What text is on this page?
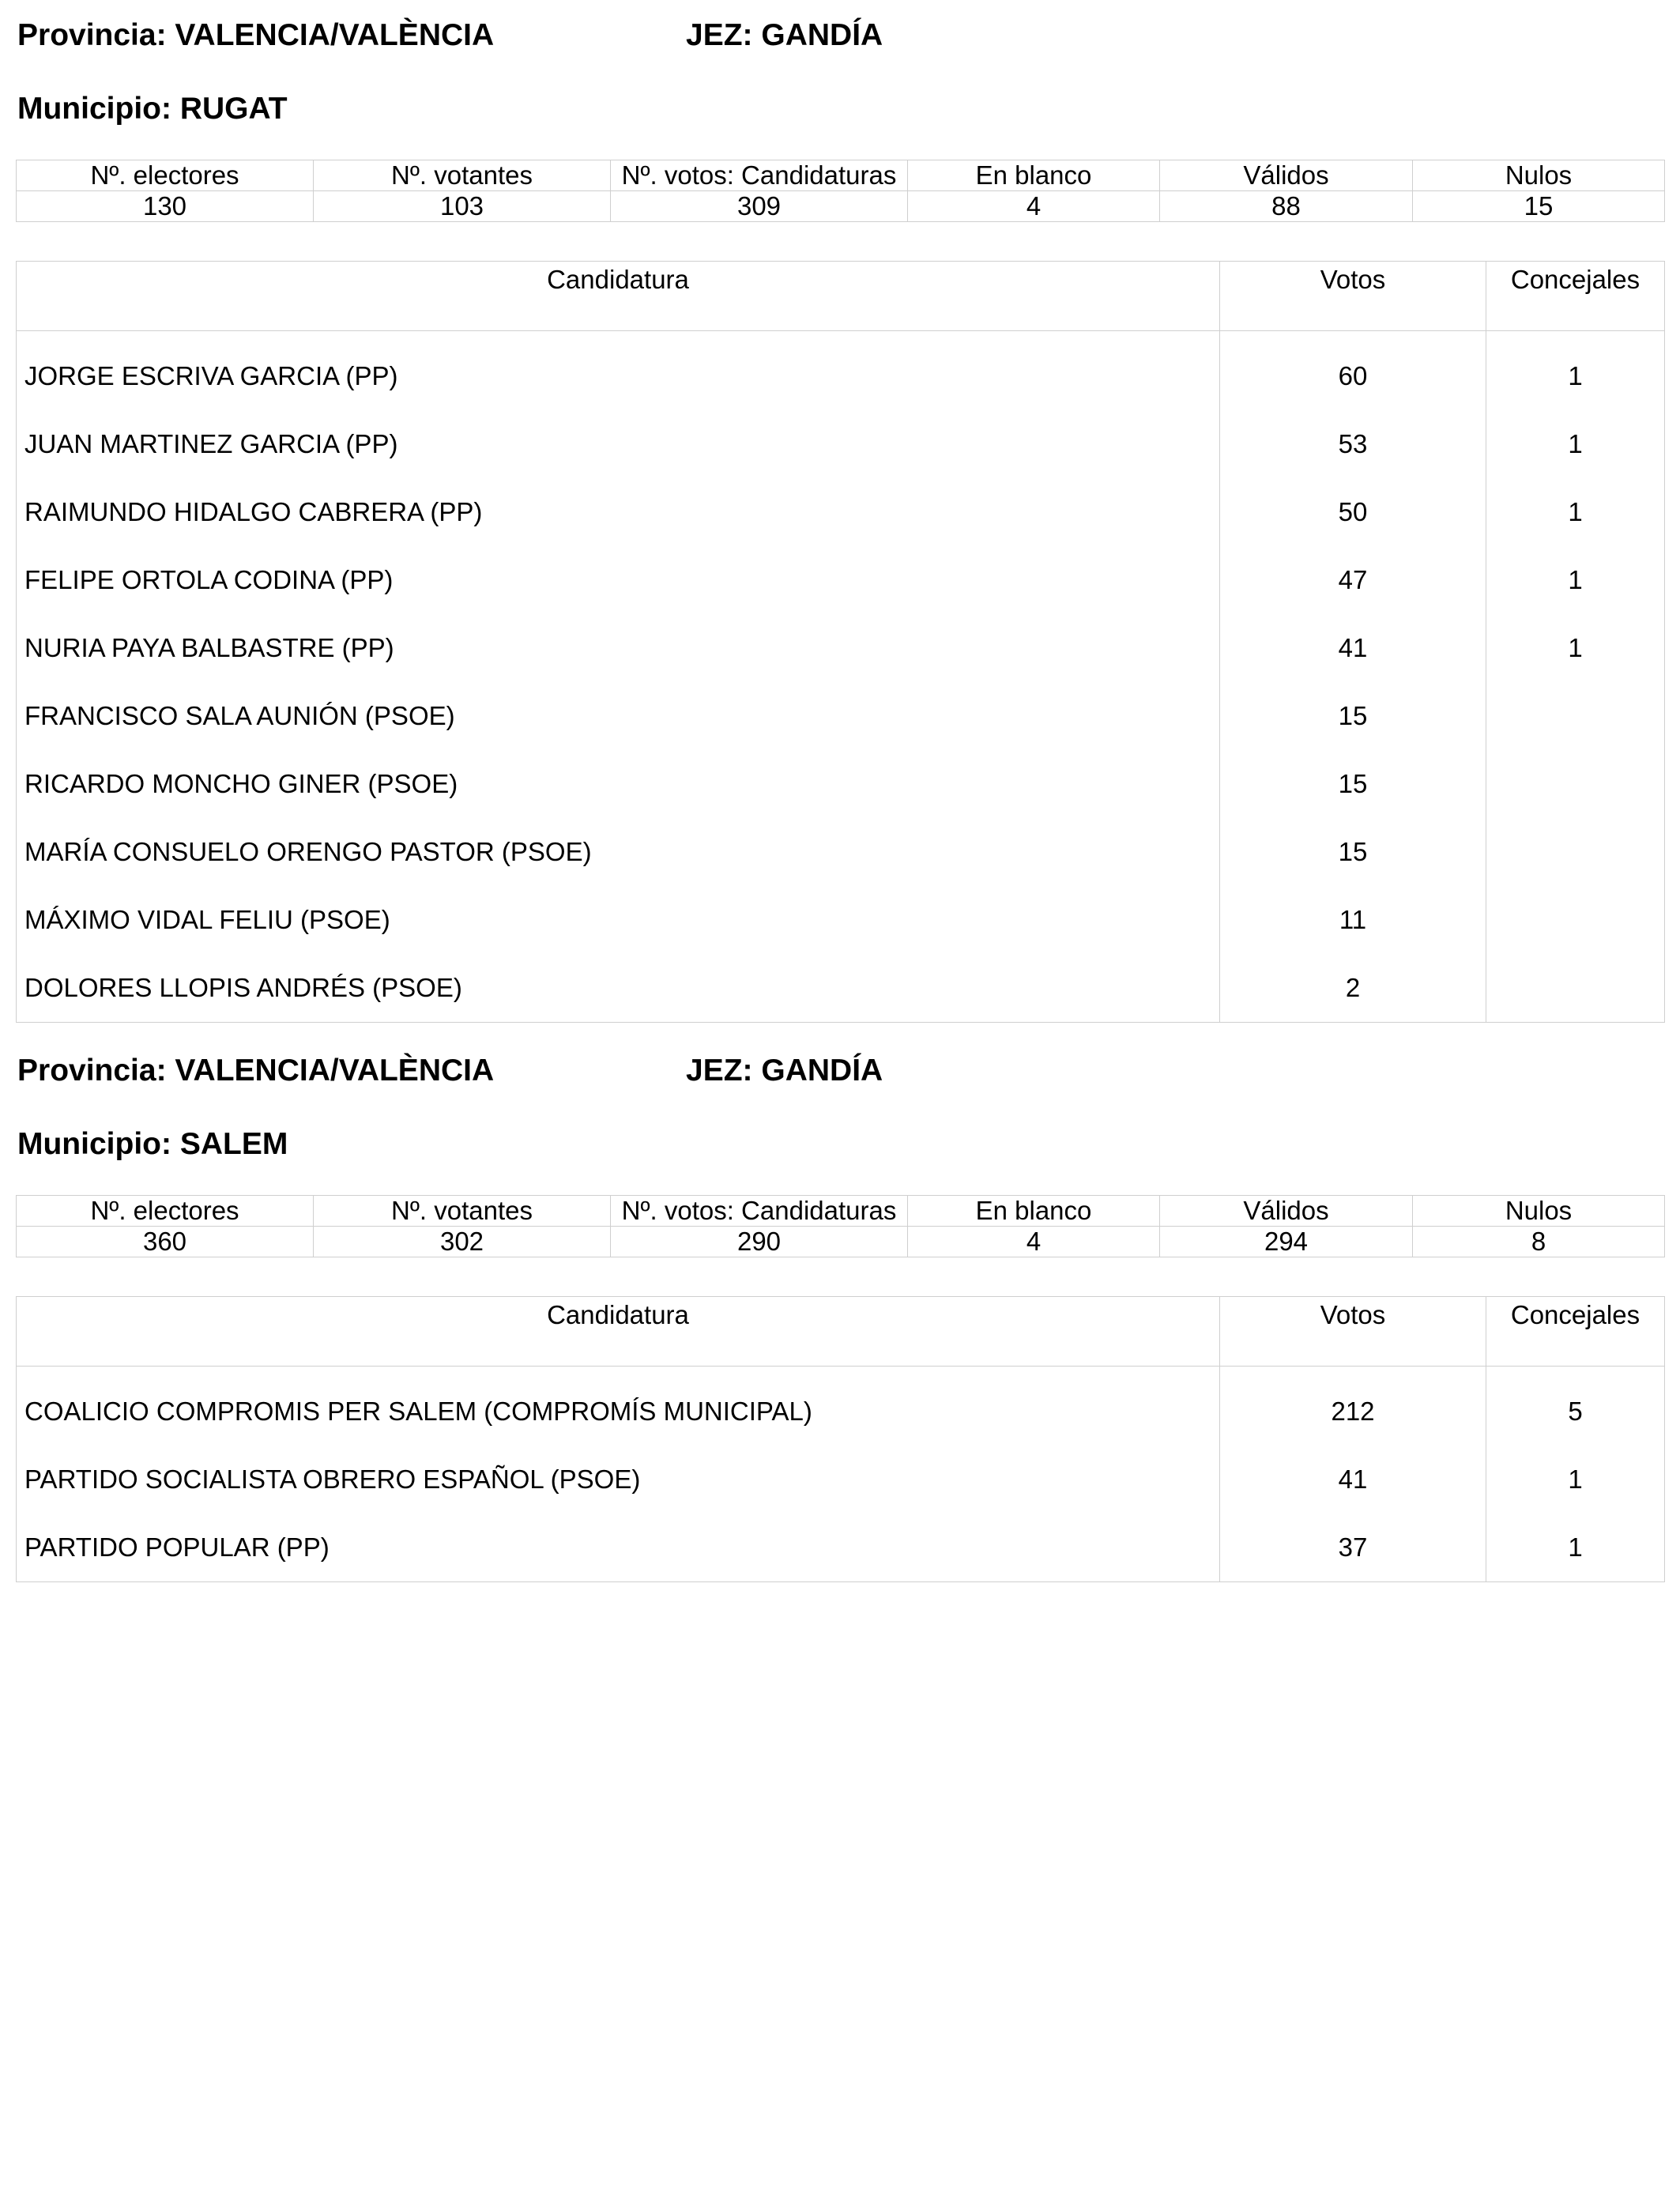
Provincia: VALENCIA/VALÈNCIA	JEZ: GANDÍA
Municipio: RUGAT
Nº. electores	Nº. votantes	Nº. votos: Candidaturas	En blanco	Válidos	Nulos
130	103	309	4	88	15
Candidatura	Votos	Concejales
JORGE ESCRIVA GARCIA (PP)	60	1
JUAN MARTINEZ GARCIA (PP)	53	1
RAIMUNDO HIDALGO CABRERA (PP)	50	1
FELIPE ORTOLA CODINA (PP)	47	1
NURIA PAYA BALBASTRE (PP)	41	1
FRANCISCO SALA AUNIÓN (PSOE)	15	
RICARDO MONCHO GINER (PSOE)	15	
MARÍA CONSUELO ORENGO PASTOR (PSOE)	15	
MÁXIMO VIDAL FELIU (PSOE)	11	
DOLORES LLOPIS ANDRÉS (PSOE)	2	
Provincia: VALENCIA/VALÈNCIA	JEZ: GANDÍA
Municipio: SALEM
Nº. electores	Nº. votantes	Nº. votos: Candidaturas	En blanco	Válidos	Nulos
360	302	290	4	294	8
Candidatura	Votos	Concejales
COALICIO COMPROMIS PER SALEM (COMPROMÍS MUNICIPAL)	212	5
PARTIDO SOCIALISTA OBRERO ESPAÑOL (PSOE)	41	1
PARTIDO POPULAR (PP)	37	1
